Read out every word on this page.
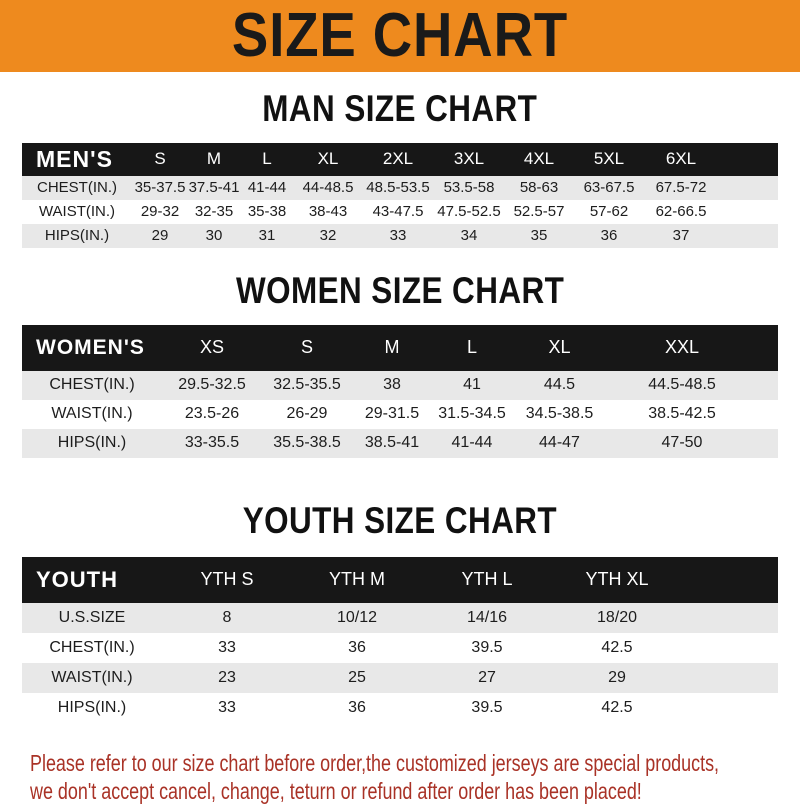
SIZE CHART
MAN SIZE CHART
MEN'S	S	M	L	XL	2XL	3XL	4XL	5XL	6XL
CHEST(IN.)	35-37.5 37.5-41 41-44	44-48.5 48.5-53.5 53.5-58	58-63	63-67.5	67.5-72
WAIST(IN.)	29-32	32-35 35-38	38-43	43-47.5 47.5-52.5 52.5-57	57-62	62-66.5
HIPS(IN.)	29	30	31	32	33	34	35	36	37
WOMEN SIZE CHART
WOMEN'S	XS	S	M	L	XL	XXL
CHEST(IN.)	29.5-32.5	32.5-35.5	38	41	44.5	44.5-48.5
WAIST(IN.)	23.5-26	26-29	29-31.5	31.5-34.5	34.5-38.5	38.5-42.5
HIPS(IN.)	33-35.5	35.5-38.5	38.5-41	41-44	44-47	47-50
YOUTH SIZE CHART
YOUTH	YTH S	YTH M	YTH L	YTH XL
U.S.SIZE	8	10/12	14/16	18/20
CHEST(IN.)	33	36	39.5	42.5
WAIST(IN.)	23	25	27	29
HIPS(IN.)	33	36	39.5	42.5

Please refer to our size chart before order,the customized jerseys are special products,

we don't accept cancel, change, teturn or refund after order has been placed!
